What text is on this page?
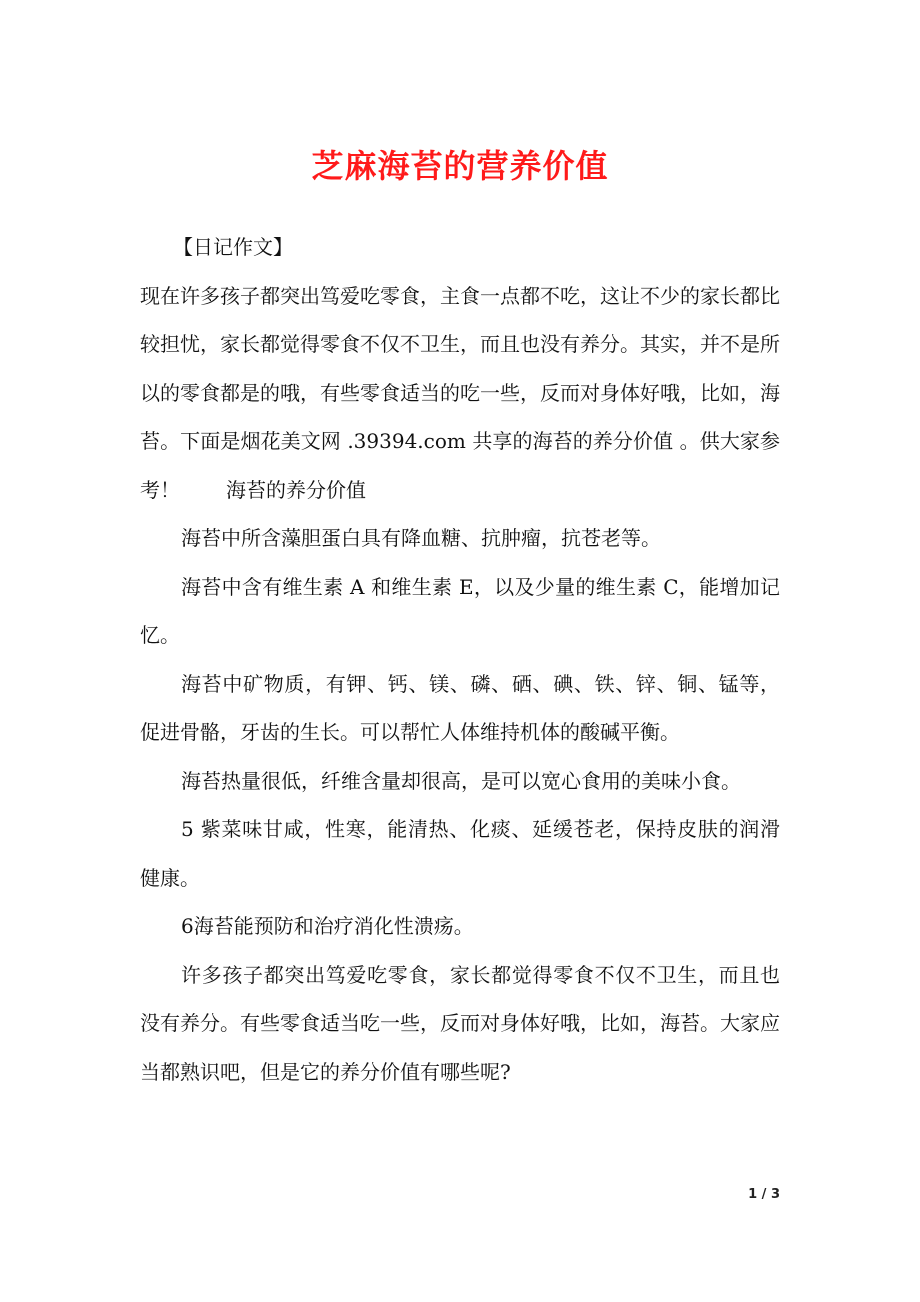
芝麻海苔的营养价值

【日记作文】

现在许多孩子都突出笃爱吃零食，主食一点都不吃，这让不少的家长都比较担忧，家长都觉得零食不仅不卫生，而且也没有养分。其实，并不是所以的零食都是的哦，有些零食适当的吃一些，反而对身体好哦，比如，海苔。下面是烟花美文网 .39394.com 共享的海苔的养分价值 。供大家参考！ 海苔的养分价值

海苔中所含藻胆蛋白具有降血糖、抗肿瘤，抗苍老等。

海苔中含有维生素 A 和维生素 E，以及少量的维生素 C，能增加记忆。

海苔中矿物质，有钾、钙、镁、磷、硒、碘、铁、锌、铜、锰等，促进骨骼，牙齿的生长。可以帮忙人体维持机体的酸碱平衡。

海苔热量很低，纤维含量却很高，是可以宽心食用的美味小食。

5 紫菜味甘咸，性寒，能清热、化痰、延缓苍老，保持皮肤的润滑健康。

6海苔能预防和治疗消化性溃疡。

许多孩子都突出笃爱吃零食，家长都觉得零食不仅不卫生，而且也没有养分。有些零食适当吃一些，反而对身体好哦，比如，海苔。大家应当都熟识吧，但是它的养分价值有哪些呢?

1 / 3
